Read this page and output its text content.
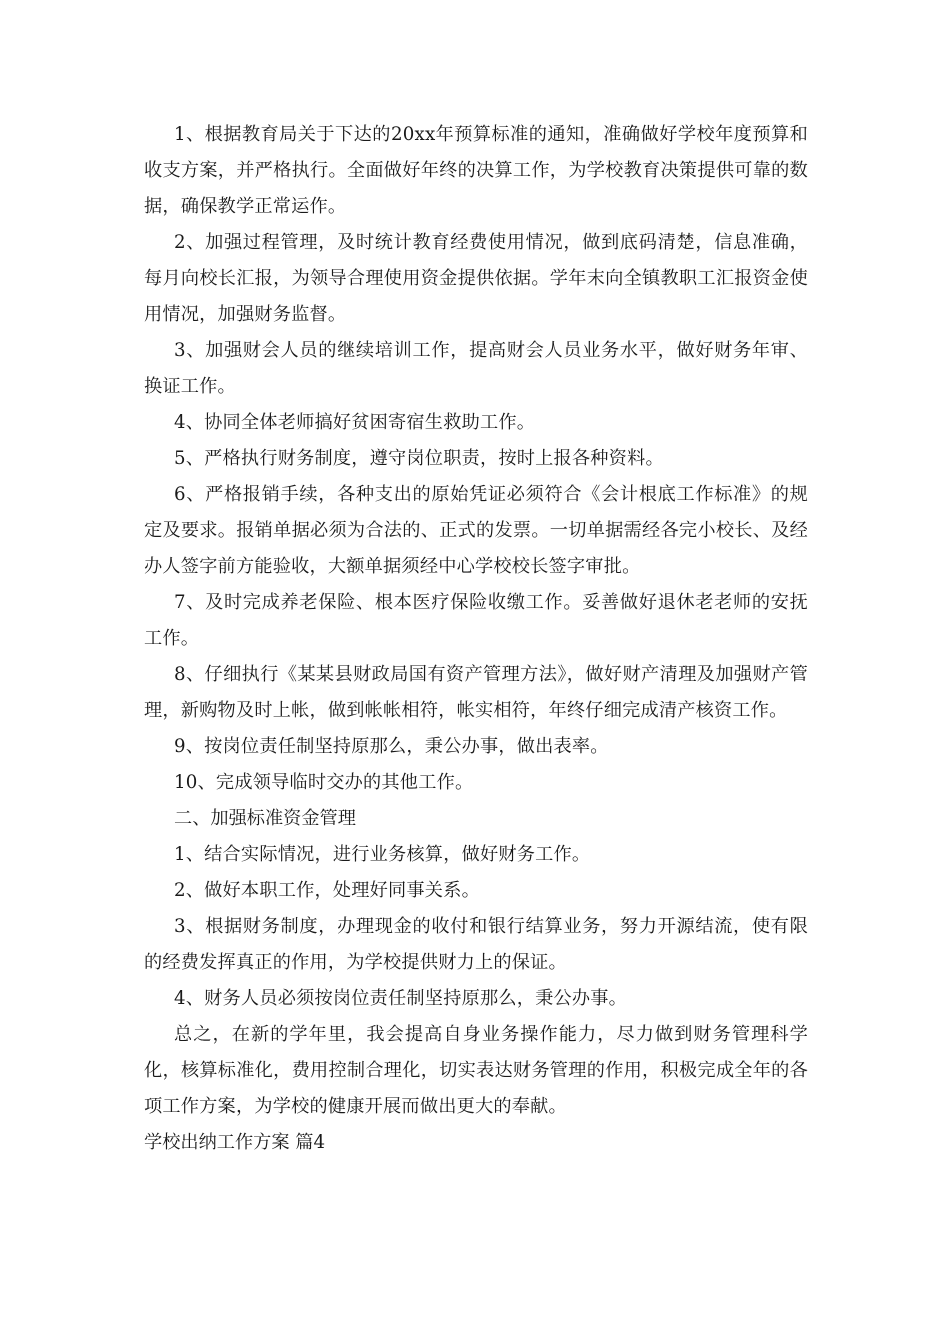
1、根据教育局关于下达的20xx年预算标准的通知，准确做好学校年度预算和收支方案，并严格执行。全面做好年终的决算工作，为学校教育决策提供可靠的数据，确保教学正常运作。

2、加强过程管理，及时统计教育经费使用情况，做到底码清楚，信息准确，每月向校长汇报，为领导合理使用资金提供依据。学年末向全镇教职工汇报资金使用情况，加强财务监督。

3、加强财会人员的继续培训工作，提高财会人员业务水平，做好财务年审、换证工作。

4、协同全体老师搞好贫困寄宿生救助工作。

5、严格执行财务制度，遵守岗位职责，按时上报各种资料。

6、严格报销手续，各种支出的原始凭证必须符合《会计根底工作标准》的规定及要求。报销单据必须为合法的、正式的发票。一切单据需经各完小校长、及经办人签字前方能验收，大额单据须经中心学校校长签字审批。

7、及时完成养老保险、根本医疗保险收缴工作。妥善做好退休老老师的安抚工作。

8、仔细执行《某某县财政局国有资产管理方法》，做好财产清理及加强财产管理，新购物及时上帐，做到帐帐相符，帐实相符，年终仔细完成清产核资工作。

9、按岗位责任制坚持原那么，秉公办事，做出表率。

10、完成领导临时交办的其他工作。

二、加强标准资金管理

1、结合实际情况，进行业务核算，做好财务工作。

2、做好本职工作，处理好同事关系。

3、根据财务制度，办理现金的收付和银行结算业务，努力开源结流，使有限的经费发挥真正的作用，为学校提供财力上的保证。

4、财务人员必须按岗位责任制坚持原那么，秉公办事。

总之，在新的学年里，我会提高自身业务操作能力，尽力做到财务管理科学化，核算标准化，费用控制合理化，切实表达财务管理的作用，积极完成全年的各项工作方案，为学校的健康开展而做出更大的奉献。

学校出纳工作方案 篇4
